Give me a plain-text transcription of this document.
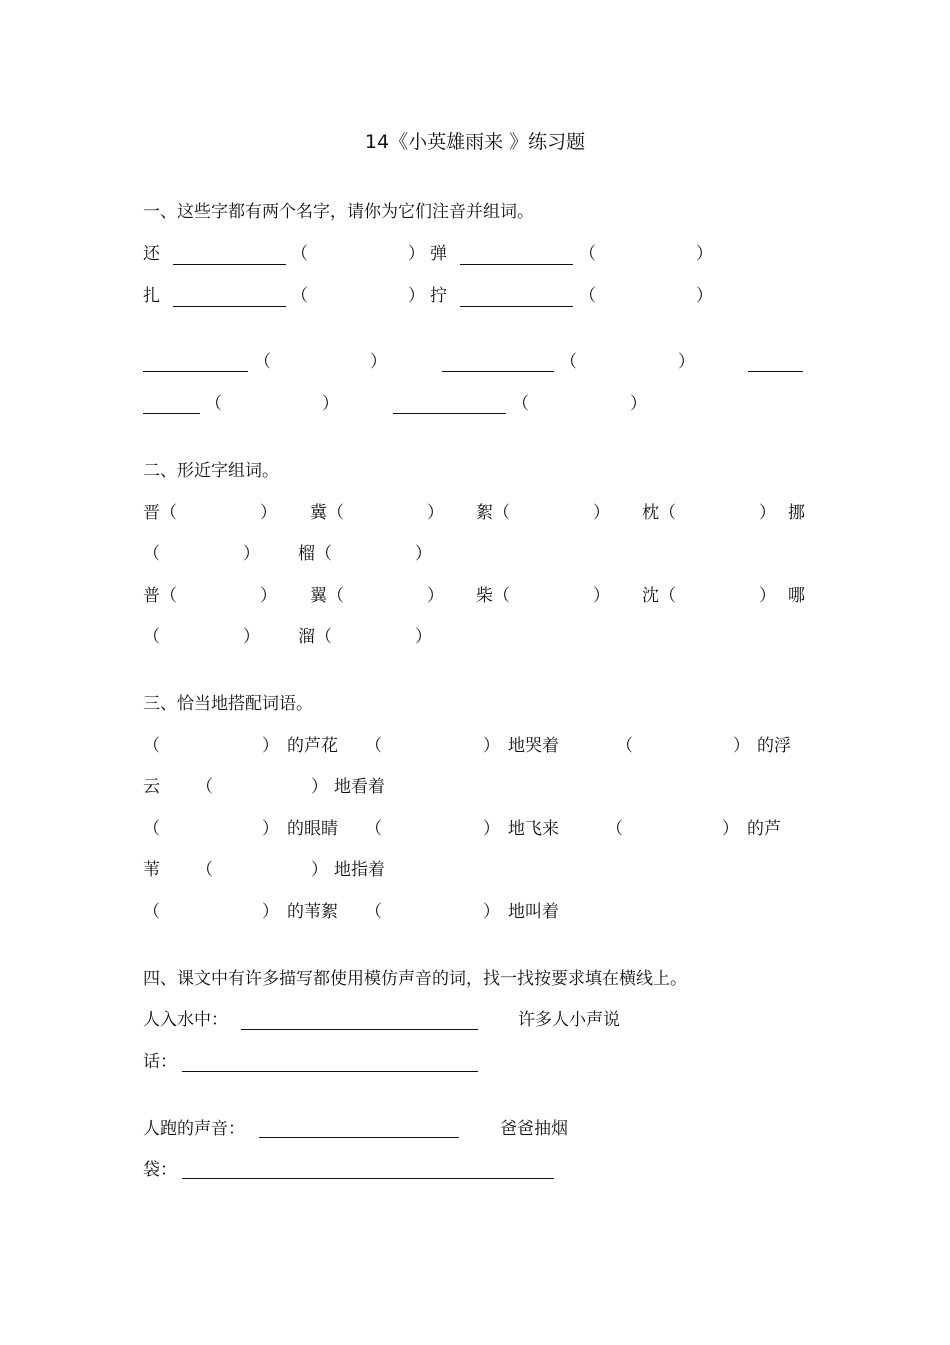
14《小英雄雨来 》练习题
一、这些字都有两个名字，请你为它们注音并组词。
还	（	） 弹	（	）
扎	（	） 拧	（	）
（	）	（	）
（	）	（	）
二、形近字组词。
晋 （	） 冀 （	） 絮 （	） 枕 （	） 挪
（	） 榴 （	）
普 （	） 翼 （	） 柴 （	） 沈 （	） 哪
（	） 溜 （	）
三、恰当地搭配词语。
（	） 的芦花 （	） 地哭着	（	） 的浮
云 （	） 地看着
（	） 的眼睛 （	） 地飞来	（	） 的芦
苇 （	） 地指着
（	） 的苇絮 （	） 地叫着
四、课文中有许多描写都使用模仿声音的词，找一找按要求填在横线上。
人入水中：	许多人小声说
话：
人跑的声音：	爸爸抽烟
袋：
